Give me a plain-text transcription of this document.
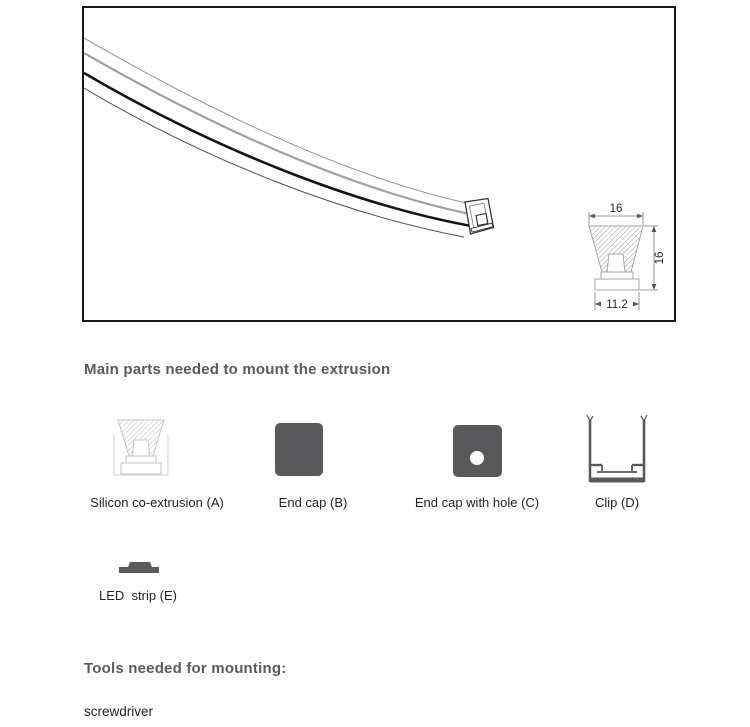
16
16
11.2
Main parts needed to mount the extrusion
Silicon co-extrusion (A)	End cap (B)	End cap with hole (C)	Clip (D)
LED  strip (E)
Tools needed for mounting:

screwdriver
